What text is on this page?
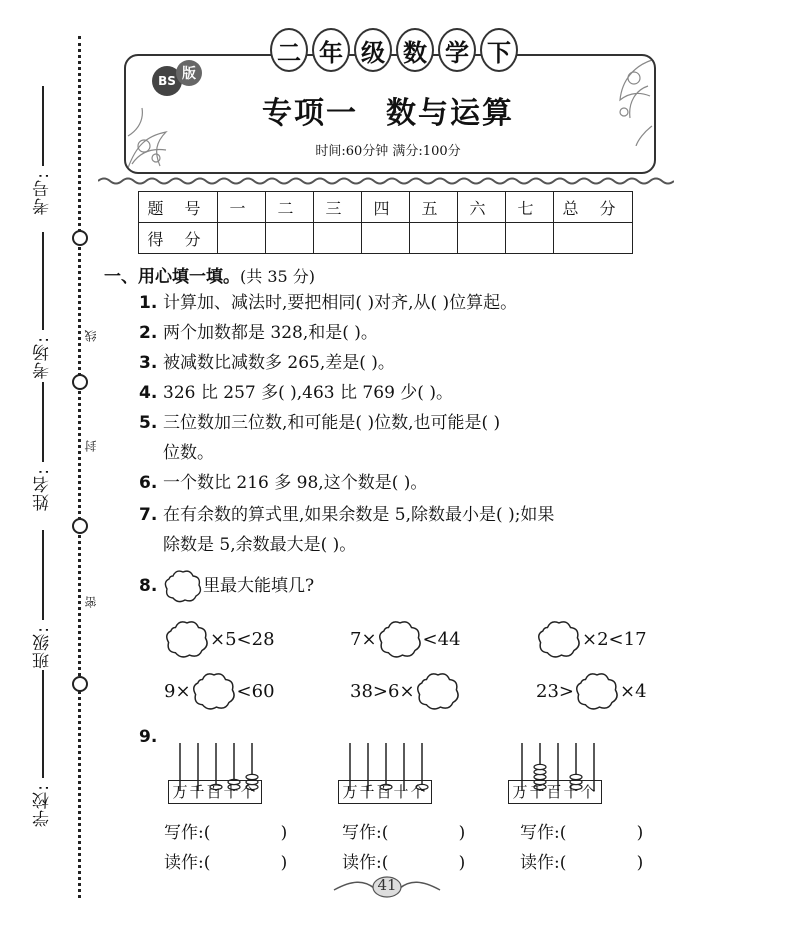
线
封
密
考号:
考场:
姓名:
班级:
学校:
二 年 级 数 学 下
BS 版
专项一 数与运算
时间:60分钟 满分:100分
题 号	一	二	三	四	五	六	七	总 分
得 分								
一、用心填一填。(共 35 分)
1. 计算加、减法时,要把相同( )对齐,从( )位算起。
2. 两个加数都是 328,和是( )。
3. 被减数比减数多 265,差是( )。
4. 326 比 257 多( ),463 比 769 少( )。
5. 三位数加三位数,和可能是( )位数,也可能是( )
位数。
6. 一个数比 216 多 98,这个数是( )。
7. 在有余数的算式里,如果余数是 5,除数最小是( );如果
除数是 5,余数最大是( )。
8.	里最大能填几?
×5<28	7×	<44	×2<17
9×	<60	38>6×	23>	×4
9.
万千百十个	万千百十个	万千百十个
写作:(             )
读作:(             )
写作:(             )
读作:(             )
写作:(             )
读作:(             )
41
